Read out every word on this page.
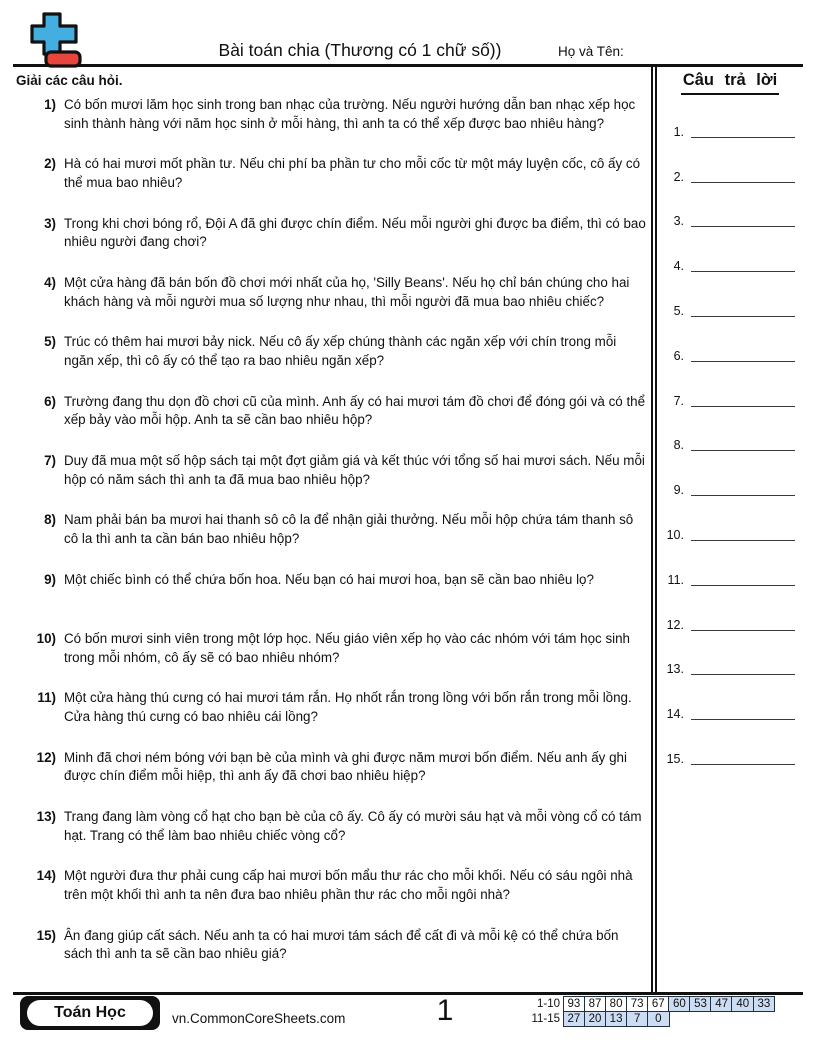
Bài toán chia (Thương có 1 chữ số))	Họ và Tên:
Giải các câu hỏi.
1) Có bốn mươi lăm học sinh trong ban nhạc của trường. Nếu người hướng dẫn ban nhạc xếp học sinh thành hàng với năm học sinh ở mỗi hàng, thì anh ta có thể xếp được bao nhiêu hàng?
2) Hà có hai mươi mốt phần tư. Nếu chi phí ba phần tư cho mỗi cốc từ một máy luyện cốc, cô ấy có thể mua bao nhiêu?
3) Trong khi chơi bóng rổ, Đội A đã ghi được chín điểm. Nếu mỗi người ghi được ba điểm, thì có bao nhiêu người đang chơi?
4) Một cửa hàng đã bán bốn đồ chơi mới nhất của họ, 'Silly Beans'. Nếu họ chỉ bán chúng cho hai khách hàng và mỗi người mua số lượng như nhau, thì mỗi người đã mua bao nhiêu chiếc?
5) Trúc có thêm hai mươi bảy nick. Nếu cô ấy xếp chúng thành các ngăn xếp với chín trong mỗi ngăn xếp, thì cô ấy có thể tạo ra bao nhiêu ngăn xếp?
6) Trường đang thu dọn đồ chơi cũ của mình. Anh ấy có hai mươi tám đồ chơi để đóng gói và có thể xếp bảy vào mỗi hộp. Anh ta sẽ cần bao nhiêu hộp?
7) Duy đã mua một số hộp sách tại một đợt giảm giá và kết thúc với tổng số hai mươi sách. Nếu mỗi hộp có năm sách thì anh ta đã mua bao nhiêu hộp?
8) Nam phải bán ba mươi hai thanh sô cô la để nhận giải thưởng. Nếu mỗi hộp chứa tám thanh sô cô la thì anh ta cần bán bao nhiêu hộp?
9) Một chiếc bình có thể chứa bốn hoa. Nếu bạn có hai mươi hoa, bạn sẽ cần bao nhiêu lọ?
10) Có bốn mươi sinh viên trong một lớp học. Nếu giáo viên xếp họ vào các nhóm với tám học sinh trong mỗi nhóm, cô ấy sẽ có bao nhiêu nhóm?
11) Một cửa hàng thú cưng có hai mươi tám rắn. Họ nhốt rắn trong lồng với bốn rắn trong mỗi lồng. Cửa hàng thú cưng có bao nhiêu cái lồng?
12) Minh đã chơi ném bóng với bạn bè của mình và ghi được năm mươi bốn điểm. Nếu anh ấy ghi được chín điểm mỗi hiệp, thì anh ấy đã chơi bao nhiêu hiệp?
13) Trang đang làm vòng cổ hạt cho bạn bè của cô ấy. Cô ấy có mười sáu hạt và mỗi vòng cổ có tám hạt. Trang có thể làm bao nhiêu chiếc vòng cổ?
14) Một người đưa thư phải cung cấp hai mươi bốn mẩu thư rác cho mỗi khối. Nếu có sáu ngôi nhà trên một khối thì anh ta nên đưa bao nhiêu phần thư rác cho mỗi ngôi nhà?
15) Ân đang giúp cất sách. Nếu anh ta có hai mươi tám sách để cất đi và mỗi kệ có thể chứa bốn sách thì anh ta sẽ cần bao nhiêu giá?
Câu trả lời
1.
2.
3.
4.
5.
6.
7.
8.
9.
10.
11.
12.
13.
14.
15.
Toán Học	vn.CommonCoreSheets.com	1	1-10 93 87 80 73 67 60 53 47 40 33
11-15 27 20 13	7	0
